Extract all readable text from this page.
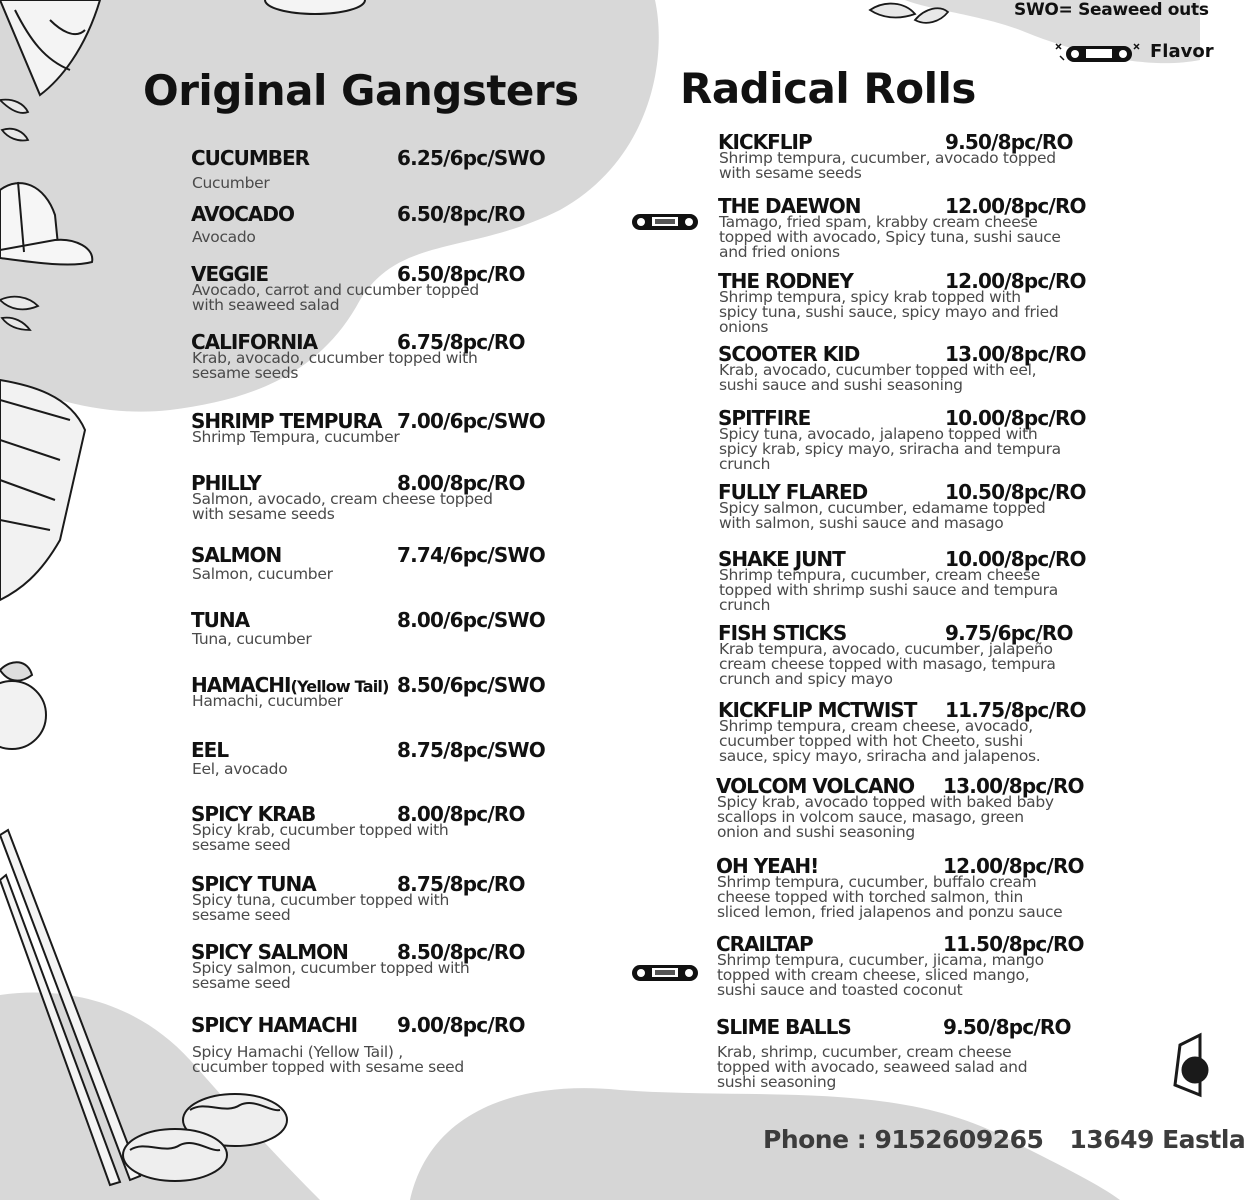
SWO= Seaweed outs
Flavor
Original Gangsters Radical Rolls
CUCUMBER	6.25/6pc/SWO
Cucumber
AVOCADO	6.50/8pc/RO
Avocado
VEGGIE	6.50/8pc/RO
Avocado, carrot and cucumber topped
with seaweed salad
CALIFORNIA	6.75/8pc/RO
Krab, avocado, cucumber topped with
sesame seeds
SHRIMP TEMPURA 7.00/6pc/SWO
Shrimp Tempura, cucumber
PHILLY	8.00/8pc/RO
Salmon, avocado, cream cheese topped
with sesame seeds
SALMON	7.74/6pc/SWO
Salmon, cucumber
TUNA	8.00/6pc/SWO
Tuna, cucumber
HAMACHI(Yellow Tail) 8.50/6pc/SWO
Hamachi, cucumber
EEL	8.75/8pc/SWO
Eel, avocado
SPICY KRAB	8.00/8pc/RO
Spicy krab, cucumber topped with
sesame seed
SPICY TUNA	8.75/8pc/RO
Spicy tuna, cucumber topped with
sesame seed
SPICY SALMON 8.50/8pc/RO
Spicy salmon, cucumber topped with
sesame seed
SPICY HAMACHI 9.00/8pc/RO
Spicy Hamachi (Yellow Tail) ,
cucumber topped with sesame seed
KICKFLIP	9.50/8pc/RO
Shrimp tempura, cucumber, avocado topped
with sesame seeds
THE DAEWON	12.00/8pc/RO
Tamago, fried spam, krabby cream cheese
topped with avocado, Spicy tuna, sushi sauce
and fried onions
THE RODNEY	12.00/8pc/RO
Shrimp tempura, spicy krab topped with
spicy tuna, sushi sauce, spicy mayo and fried
onions
SCOOTER KID	13.00/8pc/RO
Krab, avocado, cucumber topped with eel,
sushi sauce and sushi seasoning
SPITFIRE	10.00/8pc/RO
Spicy tuna, avocado, jalapeno topped with
spicy krab, spicy mayo, sriracha and tempura
crunch
FULLY FLARED	10.50/8pc/RO
Spicy salmon, cucumber, edamame topped
with salmon, sushi sauce and masago
SHAKE JUNT	10.00/8pc/RO
Shrimp tempura, cucumber, cream cheese
topped with shrimp sushi sauce and tempura
crunch
FISH STICKS	9.75/6pc/RO
Krab tempura, avocado, cucumber, jalapeño
cream cheese topped with masago, tempura
crunch and spicy mayo
KICKFLIP MCTWIST 11.75/8pc/RO
Shrimp tempura, cream cheese, avocado,
cucumber topped with hot Cheeto, sushi
sauce, spicy mayo, sriracha and jalapenos.
VOLCOM VOLCANO 13.00/8pc/RO
Spicy krab, avocado topped with baked baby
scallops in volcom sauce, masago, green
onion and sushi seasoning
OH YEAH!	12.00/8pc/RO
Shrimp tempura, cucumber, buffalo cream
cheese topped with torched salmon, thin
sliced lemon, fried jalapenos and ponzu sauce
CRAILTAP	11.50/8pc/RO
Shrimp tempura, cucumber, jicama, mango
topped with cream cheese, sliced mango,
sushi sauce and toasted coconut
SLIME BALLS	9.50/8pc/RO
Krab, shrimp, cucumber, cream cheese
topped with avocado, seaweed salad and
sushi seasoning
Phone : 9152609265 13649 Eastla
